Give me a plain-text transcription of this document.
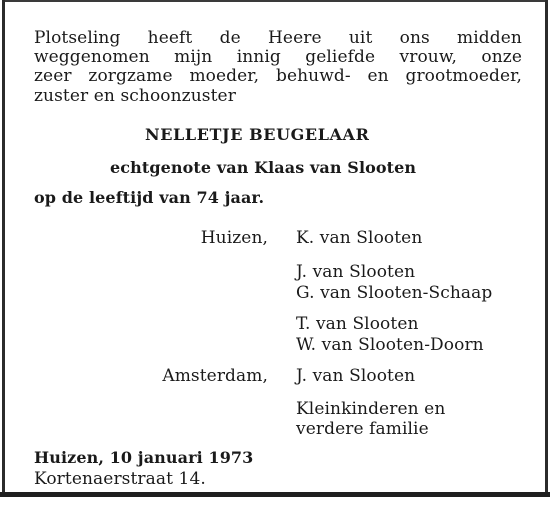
Plotseling heeft de Heere uit ons midden
weggenomen mijn innig geliefde vrouw, onze
zeer zorgzame moeder, behuwd- en grootmoeder,
zuster en schoonzuster
NELLETJE BEUGELAAR
echtgenote van Klaas van Slooten
op de leeftijd van 74 jaar.
Huizen, K. van Slooten
J. van Slooten
G. van Slooten-Schaap
T. van Slooten
W. van Slooten-Doorn
Amsterdam, J. van Slooten
Kleinkinderen en
verdere familie
Huizen, 10 januari 1973
Kortenaerstraat 14.
